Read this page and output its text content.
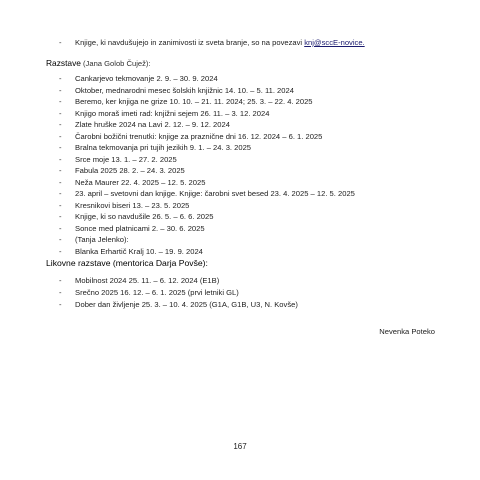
- Knjige, ki navdušujejo in zanimivosti iz sveta branje, so na povezavi knj@sccE-novice.
Razstave (Jana Golob Čujež):
- Cankarjevo tekmovanje 2. 9. – 30. 9. 2024
- Oktober, mednarodni mesec šolskih knjižnic 14. 10. – 5. 11. 2024
- Beremo, ker knjiga ne grize 10. 10. – 21. 11. 2024; 25. 3. – 22. 4. 2025
- Knjigo moraš imeti rad: knjižni sejem 26. 11. – 3. 12. 2024
- Zlate hruške 2024 na Lavi 2. 12. – 9. 12. 2024
- Čarobni božični trenutki: knjige za praznične dni 16. 12. 2024 – 6. 1. 2025
- Bralna tekmovanja pri tujih jezikih 9. 1. – 24. 3. 2025
- Srce moje 13. 1. – 27. 2. 2025
- Fabula 2025 28. 2. – 24. 3. 2025
- Neža Maurer 22. 4. 2025 – 12. 5. 2025
- 23. april – svetovni dan knjige. Knjige: čarobni svet besed 23. 4. 2025 – 12. 5. 2025
- Kresnikovi biseri 13. – 23. 5. 2025
- Knjige, ki so navdušile 26. 5. – 6. 6. 2025
- Sonce med platnicami 2. – 30. 6. 2025
- (Tanja Jelenko):
- Blanka Erhartič Kralj 10. – 19. 9. 2024
Likovne razstave (mentorica Darja Povše):
- Mobilnost 2024 25. 11. – 6. 12. 2024 (E1B)
- Srečno 2025 16. 12. – 6. 1. 2025 (prvi letniki GL)
- Dober dan življenje 25. 3. – 10. 4. 2025 (G1A, G1B, U3, N. Kovše)
Nevenka Poteko
167
